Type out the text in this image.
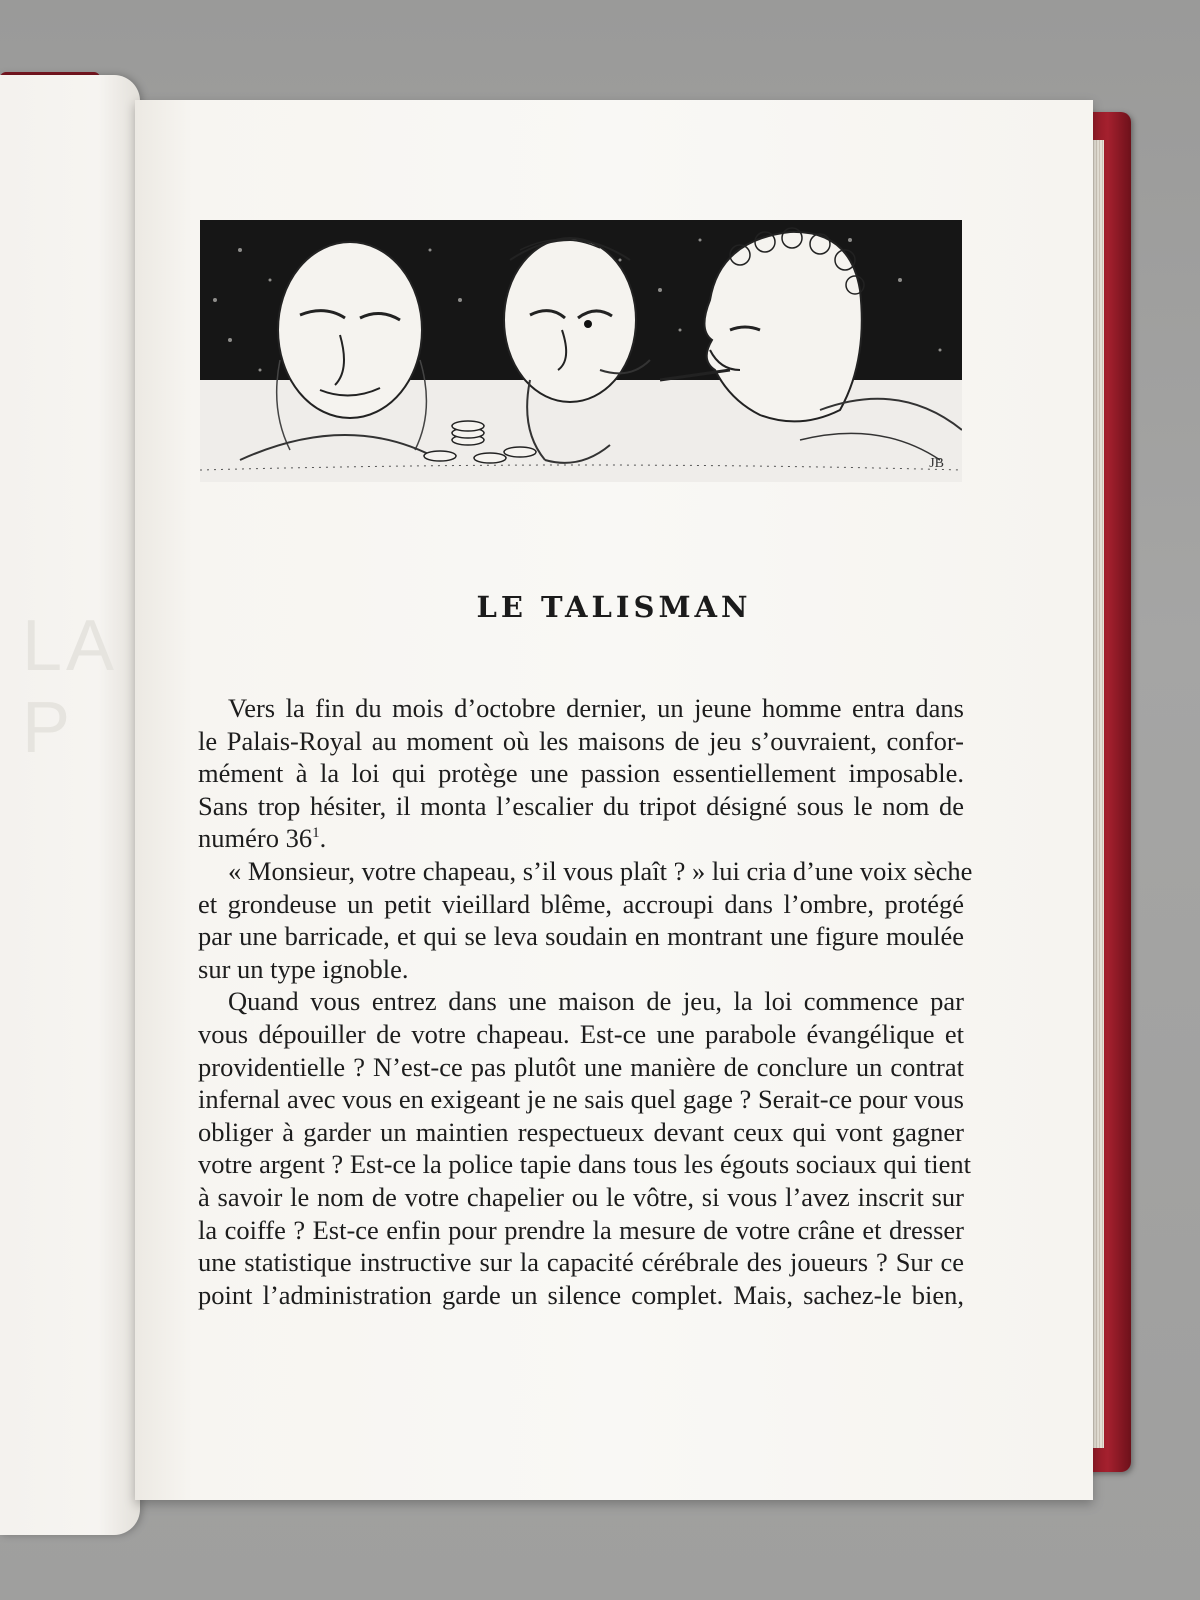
LA P
JB
LE TALISMAN

Vers la fin du mois d’octobre dernier, un jeune homme entra dans
le Palais-Royal au moment où les maisons de jeu s’ouvraient, confor-
mément à la loi qui protège une passion essentiellement imposable.
Sans trop hésiter, il monta l’escalier du tripot désigné sous le nom de
numéro $36^1$.

« Monsieur, votre chapeau, s’il vous plaît ? » lui cria d’une voix sèche
et grondeuse un petit vieillard blême, accroupi dans l’ombre, protégé
par une barricade, et qui se leva soudain en montrant une figure moulée
sur un type ignoble.

Quand vous entrez dans une maison de jeu, la loi commence par
vous dépouiller de votre chapeau. Est-ce une parabole évangélique et
providentielle ? N’est-ce pas plutôt une manière de conclure un contrat
infernal avec vous en exigeant je ne sais quel gage ? Serait-ce pour vous
obliger à garder un maintien respectueux devant ceux qui vont gagner
votre argent ? Est-ce la police tapie dans tous les égouts sociaux qui tient
à savoir le nom de votre chapelier ou le vôtre, si vous l’avez inscrit sur
la coiffe ? Est-ce enfin pour prendre la mesure de votre crâne et dresser
une statistique instructive sur la capacité cérébrale des joueurs ? Sur ce
point l’administration garde un silence complet. Mais, sachez-le bien,
